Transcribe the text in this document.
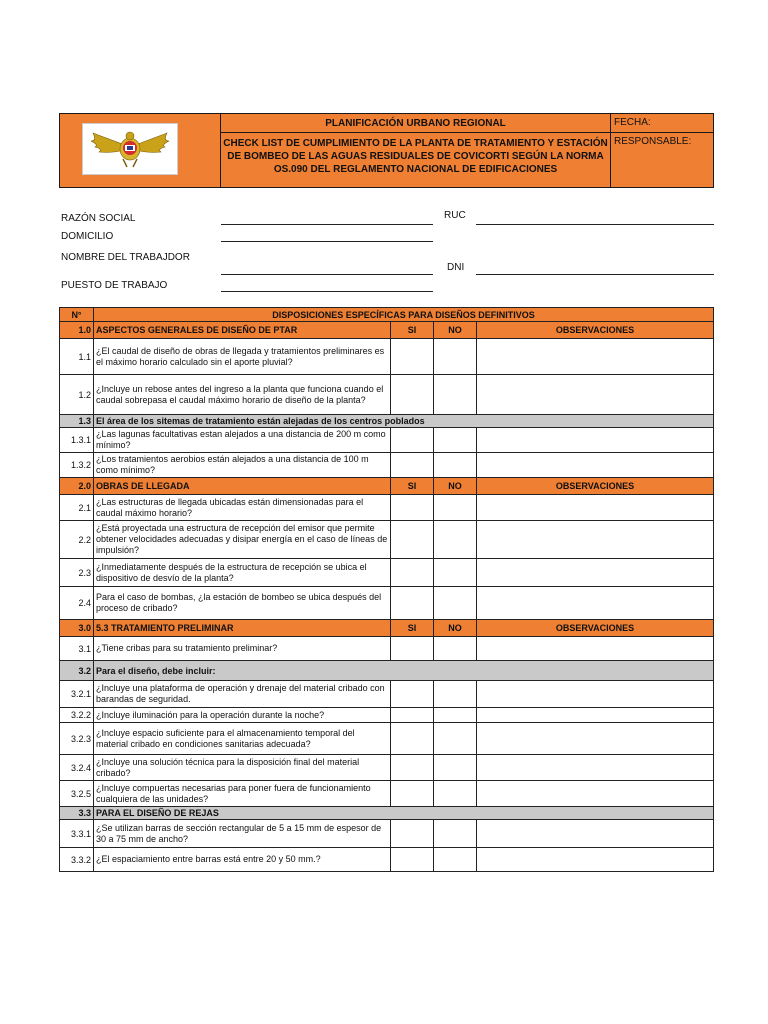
	PLANIFICACIÓN URBANO REGIONAL	FECHA:
	CHECK LIST DE CUMPLIMIENTO DE LA PLANTA DE TRATAMIENTO Y ESTACIÓN DE BOMBEO DE LAS AGUAS RESIDUALES DE COVICORTI SEGÚN LA NORMA OS.090 DEL REGLAMENTO NACIONAL DE EDIFICACIONES	RESPONSABLE:
RAZÓN SOCIAL
DOMICILIO
NOMBRE DEL TRABAJDOR
PUESTO DE TRABAJO
RUC
DNI
N°	DISPOSICIONES ESPECÍFICAS PARA DISEÑOS DEFINITIVOS			
1.0	ASPECTOS GENERALES DE DISEÑO DE PTAR	SI	NO	OBSERVACIONES
1.1	¿El caudal de diseño de obras de llegada y tratamientos preliminares es el máximo horario calculado sin el aporte pluvial?			
1.2	¿Incluye un rebose antes del ingreso a la planta que funciona cuando el caudal sobrepasa el caudal máximo horario de diseño de la planta?			
1.3	El área de los sitemas de tratamiento están alejadas de los centros poblados			
1.3.1	¿Las lagunas facultativas estan alejados a una distancia de 200 m como mínimo?			
1.3.2	¿Los tratamientos aerobios están alejados a una distancia de 100 m como mínimo?			
2.0	OBRAS DE LLEGADA	SI	NO	OBSERVACIONES
2.1	¿Las estructuras de llegada ubicadas están dimensionadas para el caudal máximo horario?			
2.2	¿Está proyectada una estructura de recepción del emisor que permite obtener velocidades adecuadas y disipar energía en el caso de líneas de impulsión?			
2.3	¿Inmediatamente después de la estructura de recepción se ubica el dispositivo de desvío de la planta?			
2.4	Para el caso de bombas, ¿la estación de bombeo se ubica después del proceso de cribado?			
3.0	5.3 TRATAMIENTO PRELIMINAR	SI	NO	OBSERVACIONES
3.1	¿Tiene cribas para su tratamiento preliminar?			
3.2	Para el diseño, debe incluir:			
3.2.1	¿Incluye una plataforma de operación y drenaje del material cribado con barandas de seguridad.			
3.2.2	¿Incluye iluminación para la operación durante la noche?			
3.2.3	¿Incluye espacio suficiente para el almacenamiento temporal del material cribado en condiciones sanitarias adecuada?			
3.2.4	¿Incluye una solución técnica para la disposición final del material cribado?			
3.2.5	¿Incluye compuertas necesarias para poner fuera de funcionamiento cualquiera de las unidades?			
3.3	PARA EL DISEÑO DE REJAS			
3.3.1	¿Se utilizan barras de sección rectangular de 5 a 15 mm de espesor de 30 a 75 mm de ancho?			
3.3.2	¿El espaciamiento entre barras está entre 20 y 50 mm.?			
